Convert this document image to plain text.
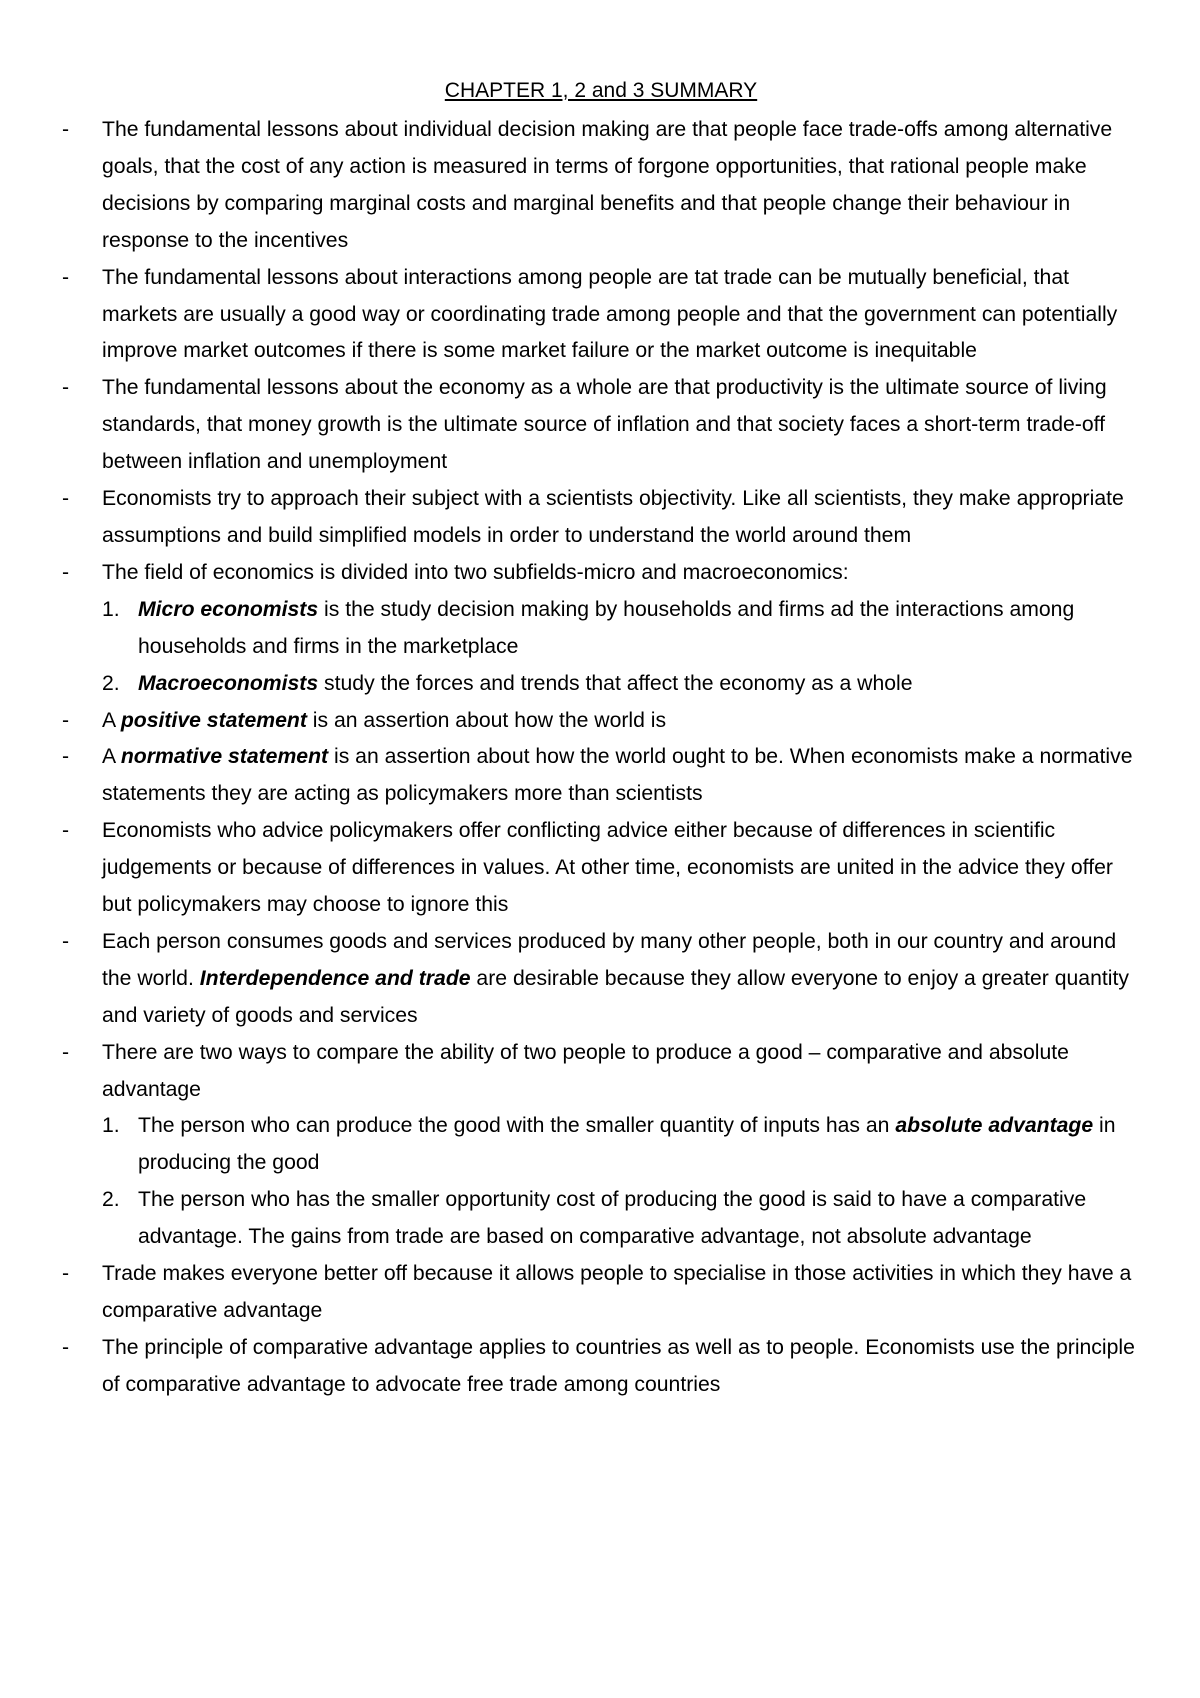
CHAPTER 1, 2 and 3 SUMMARY
-	The fundamental lessons about individual decision making are that people face trade-offs among alternative goals, that the cost of any action is measured in terms of forgone opportunities, that rational people make decisions by comparing marginal costs and marginal benefits and that people change their behaviour in response to the incentives
-	The fundamental lessons about interactions among people are tat trade can be mutually beneficial, that markets are usually a good way or coordinating trade among people and that the government can potentially improve market outcomes if there is some market failure or the market outcome is inequitable
-	The fundamental lessons about the economy as a whole are that productivity is the ultimate source of living standards, that money growth is the ultimate source of inflation and that society faces a short-term trade-off between inflation and unemployment
-	Economists try to approach their subject with a scientists objectivity. Like all scientists, they make appropriate assumptions and build simplified models in order to understand the world around them
-	The field of economics is divided into two subfields-micro and macroeconomics:
1. Micro economists is the study decision making by households and firms ad the interactions among households and firms in the marketplace
2. Macroeconomists study the forces and trends that affect the economy as a whole
-	A positive statement is an assertion about how the world is
-	A normative statement is an assertion about how the world ought to be. When economists make a normative statements they are acting as policymakers more than scientists
-	Economists who advice policymakers offer conflicting advice either because of differences in scientific judgements or because of differences in values. At other time, economists are united in the advice they offer but policymakers may choose to ignore this
-	Each person consumes goods and services produced by many other people, both in our country and around the world. Interdependence and trade are desirable because they allow everyone to enjoy a greater quantity and variety of goods and services
-	There are two ways to compare the ability of two people to produce a good – comparative and absolute advantage
1. The person who can produce the good with the smaller quantity of inputs has an absolute advantage in producing the good
2. The person who has the smaller opportunity cost of producing the good is said to have a comparative advantage. The gains from trade are based on comparative advantage, not absolute advantage
-	Trade makes everyone better off because it allows people to specialise in those activities in which they have a comparative advantage
-	The principle of comparative advantage applies to countries as well as to people. Economists use the principle of comparative advantage to advocate free trade among countries
